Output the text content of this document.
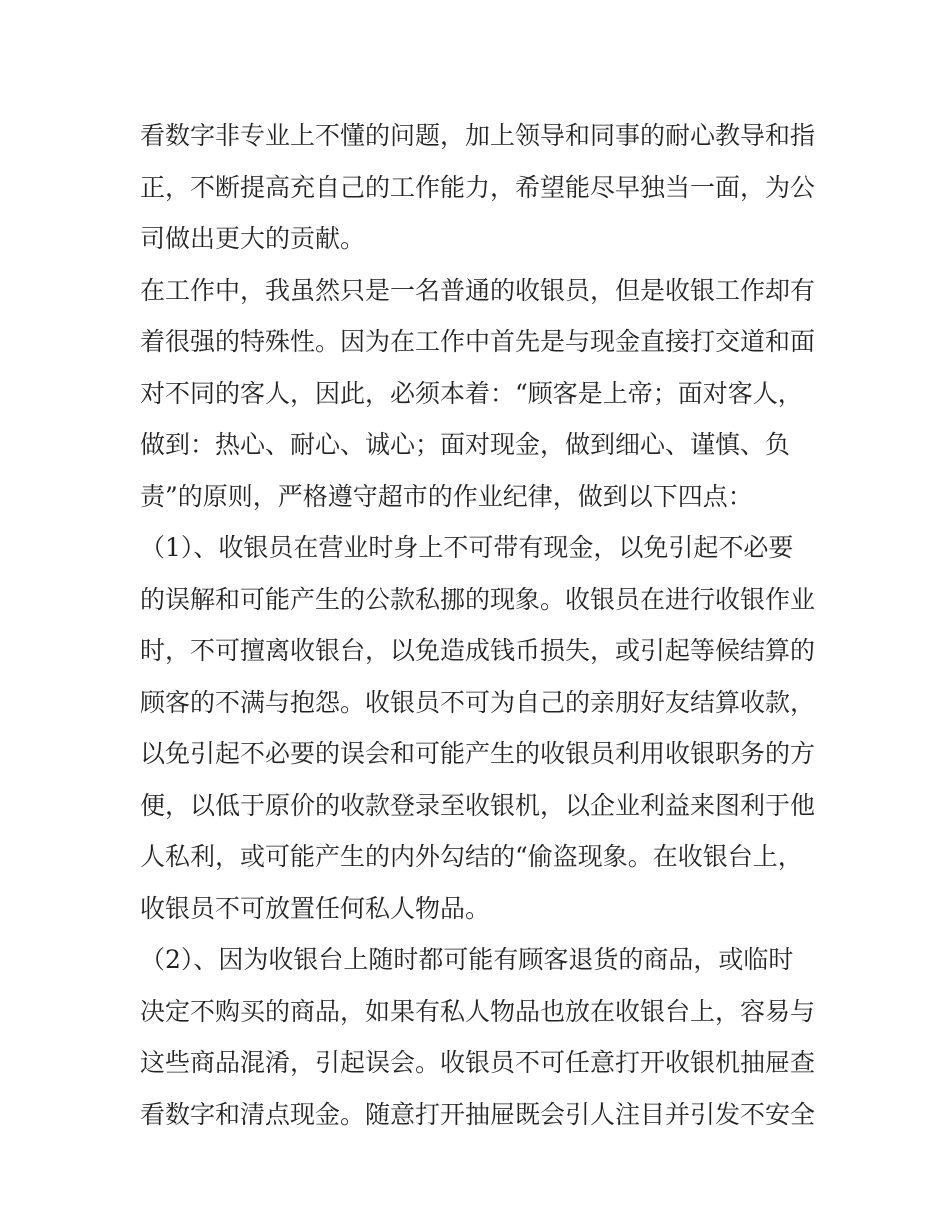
看数字非专业上不懂的问题，加上领导和同事的耐心教导和指
正，不断提高充自己的工作能力，希望能尽早独当一面，为公
司做出更大的贡献。
在工作中，我虽然只是一名普通的收银员，但是收银工作却有
着很强的特殊性。因为在工作中首先是与现金直接打交道和面
对不同的客人，因此，必须本着：“顾客是上帝；面对客人，
做到：热心、耐心、诚心；面对现金，做到细心、谨慎、负
责”的原则，严格遵守超市的作业纪律，做到以下四点：
（1）、收银员在营业时身上不可带有现金，以免引起不必要
的误解和可能产生的公款私挪的现象。收银员在进行收银作业
时，不可擅离收银台，以免造成钱币损失，或引起等候结算的
顾客的不满与抱怨。收银员不可为自己的亲朋好友结算收款，
以免引起不必要的误会和可能产生的收银员利用收银职务的方
便，以低于原价的收款登录至收银机，以企业利益来图利于他
人私利，或可能产生的内外勾结的“偷盗现象。在收银台上，
收银员不可放置任何私人物品。
（2）、因为收银台上随时都可能有顾客退货的商品，或临时
决定不购买的商品，如果有私人物品也放在收银台上，容易与
这些商品混淆，引起误会。收银员不可任意打开收银机抽屉查
看数字和清点现金。随意打开抽屉既会引人注目并引发不安全
